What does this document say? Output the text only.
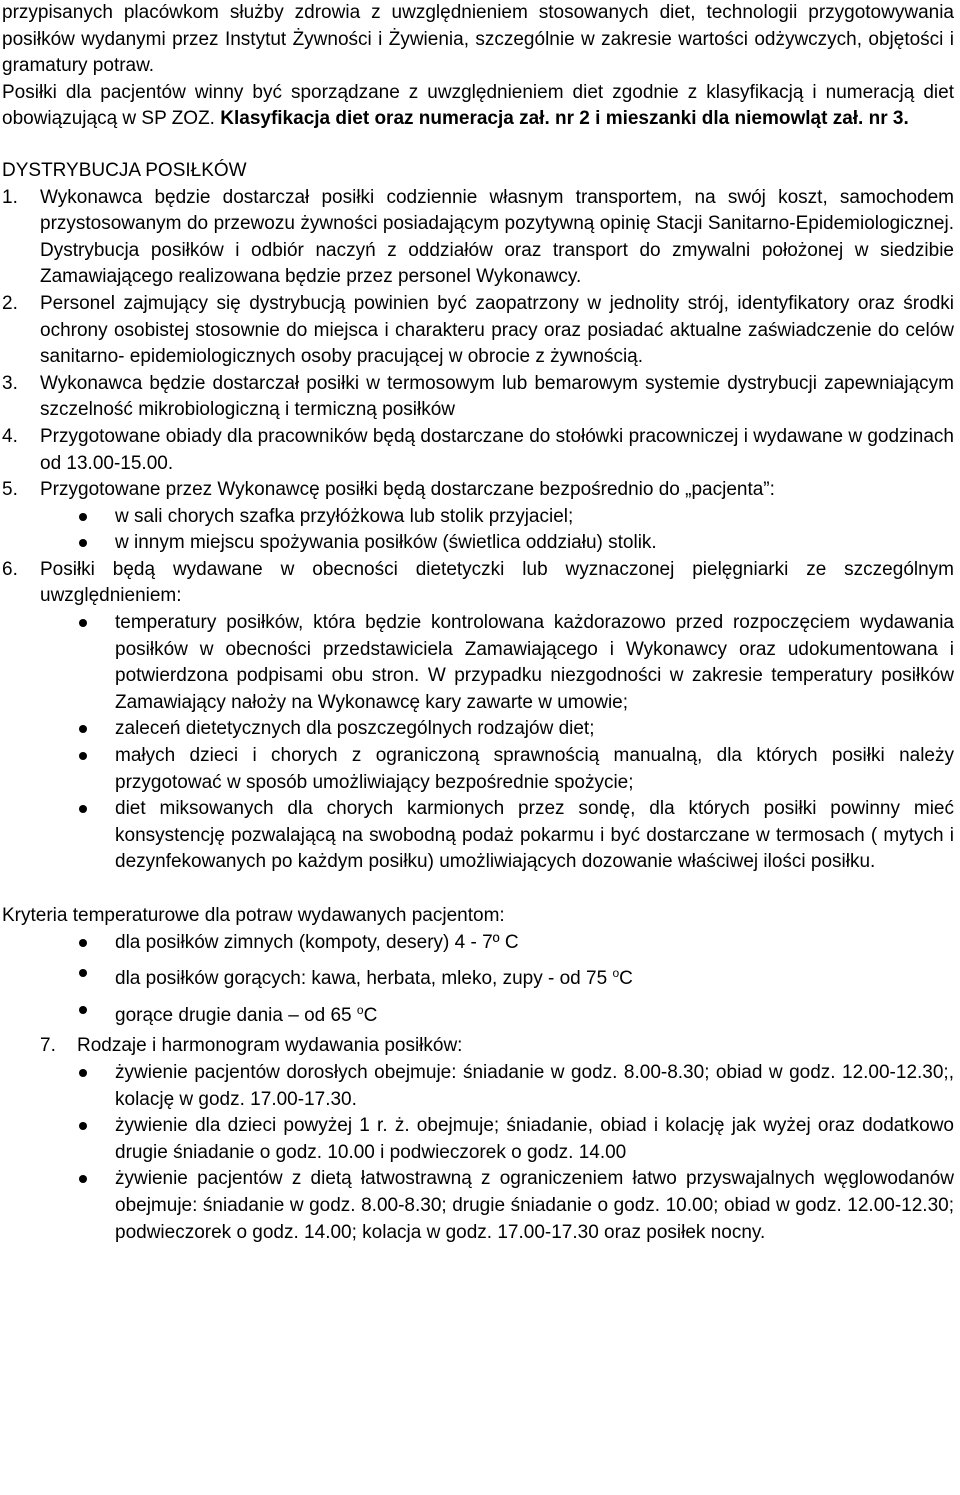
przypisanych placówkom służby zdrowia z uwzględnieniem stosowanych diet, technologii przygotowywania posiłków wydanymi przez Instytut Żywności i Żywienia, szczególnie w zakresie wartości odżywczych, objętości i gramatury potraw.
Posiłki dla pacjentów winny być sporządzane z uwzględnieniem diet zgodnie z klasyfikacją i numeracją diet obowiązującą w SP ZOZ. Klasyfikacja diet oraz numeracja zał. nr 2 i mieszanki dla niemowląt zał. nr 3.

DYSTRYBUCJA POSIŁKÓW
1. Wykonawca będzie dostarczał posiłki codziennie własnym transportem, na swój koszt, samochodem przystosowanym do przewozu żywności posiadającym pozytywną opinię Stacji Sanitarno-Epidemiologicznej. Dystrybucja posiłków i odbiór naczyń z oddziałów oraz transport do zmywalni położonej w siedzibie Zamawiającego realizowana będzie przez personel Wykonawcy.
2. Personel zajmujący się dystrybucją powinien być zaopatrzony w jednolity strój, identyfikatory oraz środki ochrony osobistej stosownie do miejsca i charakteru pracy oraz posiadać aktualne zaświadczenie do celów sanitarno- epidemiologicznych osoby pracującej w obrocie z żywnością.
3. Wykonawca będzie dostarczał posiłki w termosowym lub bemarowym systemie dystrybucji zapewniającym szczelność mikrobiologiczną i termiczną posiłków
4. Przygotowane obiady dla pracowników będą dostarczane do stołówki pracowniczej i wydawane w godzinach od 13.00-15.00.
5. Przygotowane przez Wykonawcę posiłki będą dostarczane bezpośrednio do „pacjenta”:
w sali chorych szafka przyłóżkowa lub stolik przyjaciel;
w innym miejscu spożywania posiłków (świetlica oddziału) stolik.
6. Posiłki będą wydawane w obecności dietetyczki lub wyznaczonej pielęgniarki ze szczególnym uwzględnieniem:
temperatury posiłków, która będzie kontrolowana każdorazowo przed rozpoczęciem wydawania posiłków w obecności przedstawiciela Zamawiającego i Wykonawcy oraz udokumentowana i potwierdzona podpisami obu stron. W przypadku niezgodności w zakresie temperatury posiłków Zamawiający nałoży na Wykonawcę kary zawarte w umowie;
zaleceń dietetycznych dla poszczególnych rodzajów diet;
małych dzieci i chorych z ograniczoną sprawnością manualną, dla których posiłki należy przygotować w sposób umożliwiający bezpośrednie spożycie;
diet miksowanych dla chorych karmionych przez sondę, dla których posiłki powinny mieć konsystencję pozwalającą na swobodną podaż pokarmu i być dostarczane w termosach ( mytych i dezynfekowanych po każdym posiłku) umożliwiających dozowanie właściwej ilości posiłku.
Kryteria temperaturowe dla potraw wydawanych pacjentom:
dla posiłków zimnych (kompoty, desery) 4 - 7º C
dla posiłków gorących: kawa, herbata, mleko, zupy - od 75 $^o$C
gorące drugie dania – od 65 $^o$C
7. Rodzaje i harmonogram wydawania posiłków:
żywienie pacjentów dorosłych obejmuje: śniadanie w godz. 8.00-8.30; obiad w godz. 12.00-12.30;, kolację w godz. 17.00-17.30.
żywienie dla dzieci powyżej 1 r. ż. obejmuje; śniadanie, obiad i kolację jak wyżej oraz dodatkowo drugie śniadanie o godz. 10.00 i podwieczorek o godz. 14.00
żywienie pacjentów z dietą łatwostrawną z ograniczeniem łatwo przyswajalnych węglowodanów obejmuje: śniadanie w godz. 8.00-8.30; drugie śniadanie o godz. 10.00; obiad w godz. 12.00-12.30; podwieczorek o godz. 14.00; kolacja w godz. 17.00-17.30 oraz posiłek nocny.
